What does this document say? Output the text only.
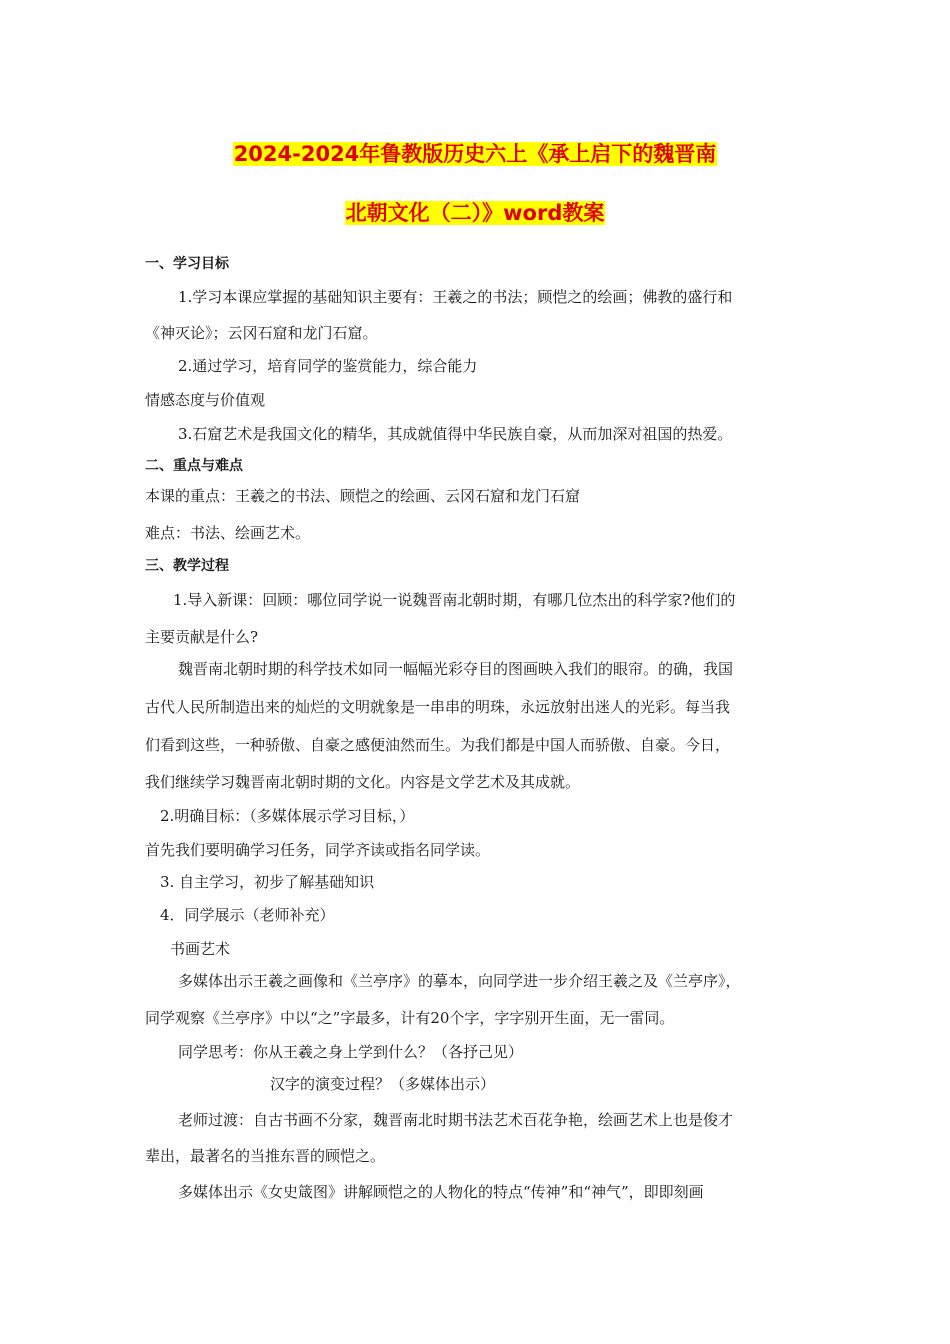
2024-2024年鲁教版历史六上《承上启下的魏晋南
北朝文化（二）》word教案
一、学习目标
1.学习本课应掌握的基础知识主要有：王羲之的书法；顾恺之的绘画；佛教的盛行和
《神灭论》；云冈石窟和龙门石窟。
2.通过学习，培育同学的鉴赏能力，综合能力
情感态度与价值观
3.石窟艺术是我国文化的精华，其成就值得中华民族自豪，从而加深对祖国的热爱。
二、重点与难点
本课的重点：王羲之的书法、顾恺之的绘画、云冈石窟和龙门石窟
难点：书法、绘画艺术。
三、教学过程
1.导入新课：回顾：哪位同学说一说魏晋南北朝时期，有哪几位杰出的科学家?他们的
主要贡献是什么?
魏晋南北朝时期的科学技术如同一幅幅光彩夺目的图画映入我们的眼帘。的确，我国
古代人民所制造出来的灿烂的文明就象是一串串的明珠，永远放射出迷人的光彩。每当我
们看到这些，一种骄傲、自豪之感便油然而生。为我们都是中国人而骄傲、自豪。今日，
我们继续学习魏晋南北朝时期的文化。内容是文学艺术及其成就。
2.明确目标：（多媒体展示学习目标，）
首先我们要明确学习任务，同学齐读或指名同学读。
3. 自主学习，初步了解基础知识
4．同学展示（老师补充）
书画艺术
多媒体出示王羲之画像和《兰亭序》的摹本，向同学进一步介绍王羲之及《兰亭序》，
同学观察《兰亭序》中以“之”字最多，计有20个字，字字别开生面，无一雷同。
同学思考：你从王羲之身上学到什么？（各抒己见）
汉字的演变过程？（多媒体出示）
老师过渡：自古书画不分家，魏晋南北时期书法艺术百花争艳，绘画艺术上也是俊才
辈出，最著名的当推东晋的顾恺之。
多媒体出示《女史箴图》讲解顾恺之的人物化的特点“传神”和“神气”，即即刻画
